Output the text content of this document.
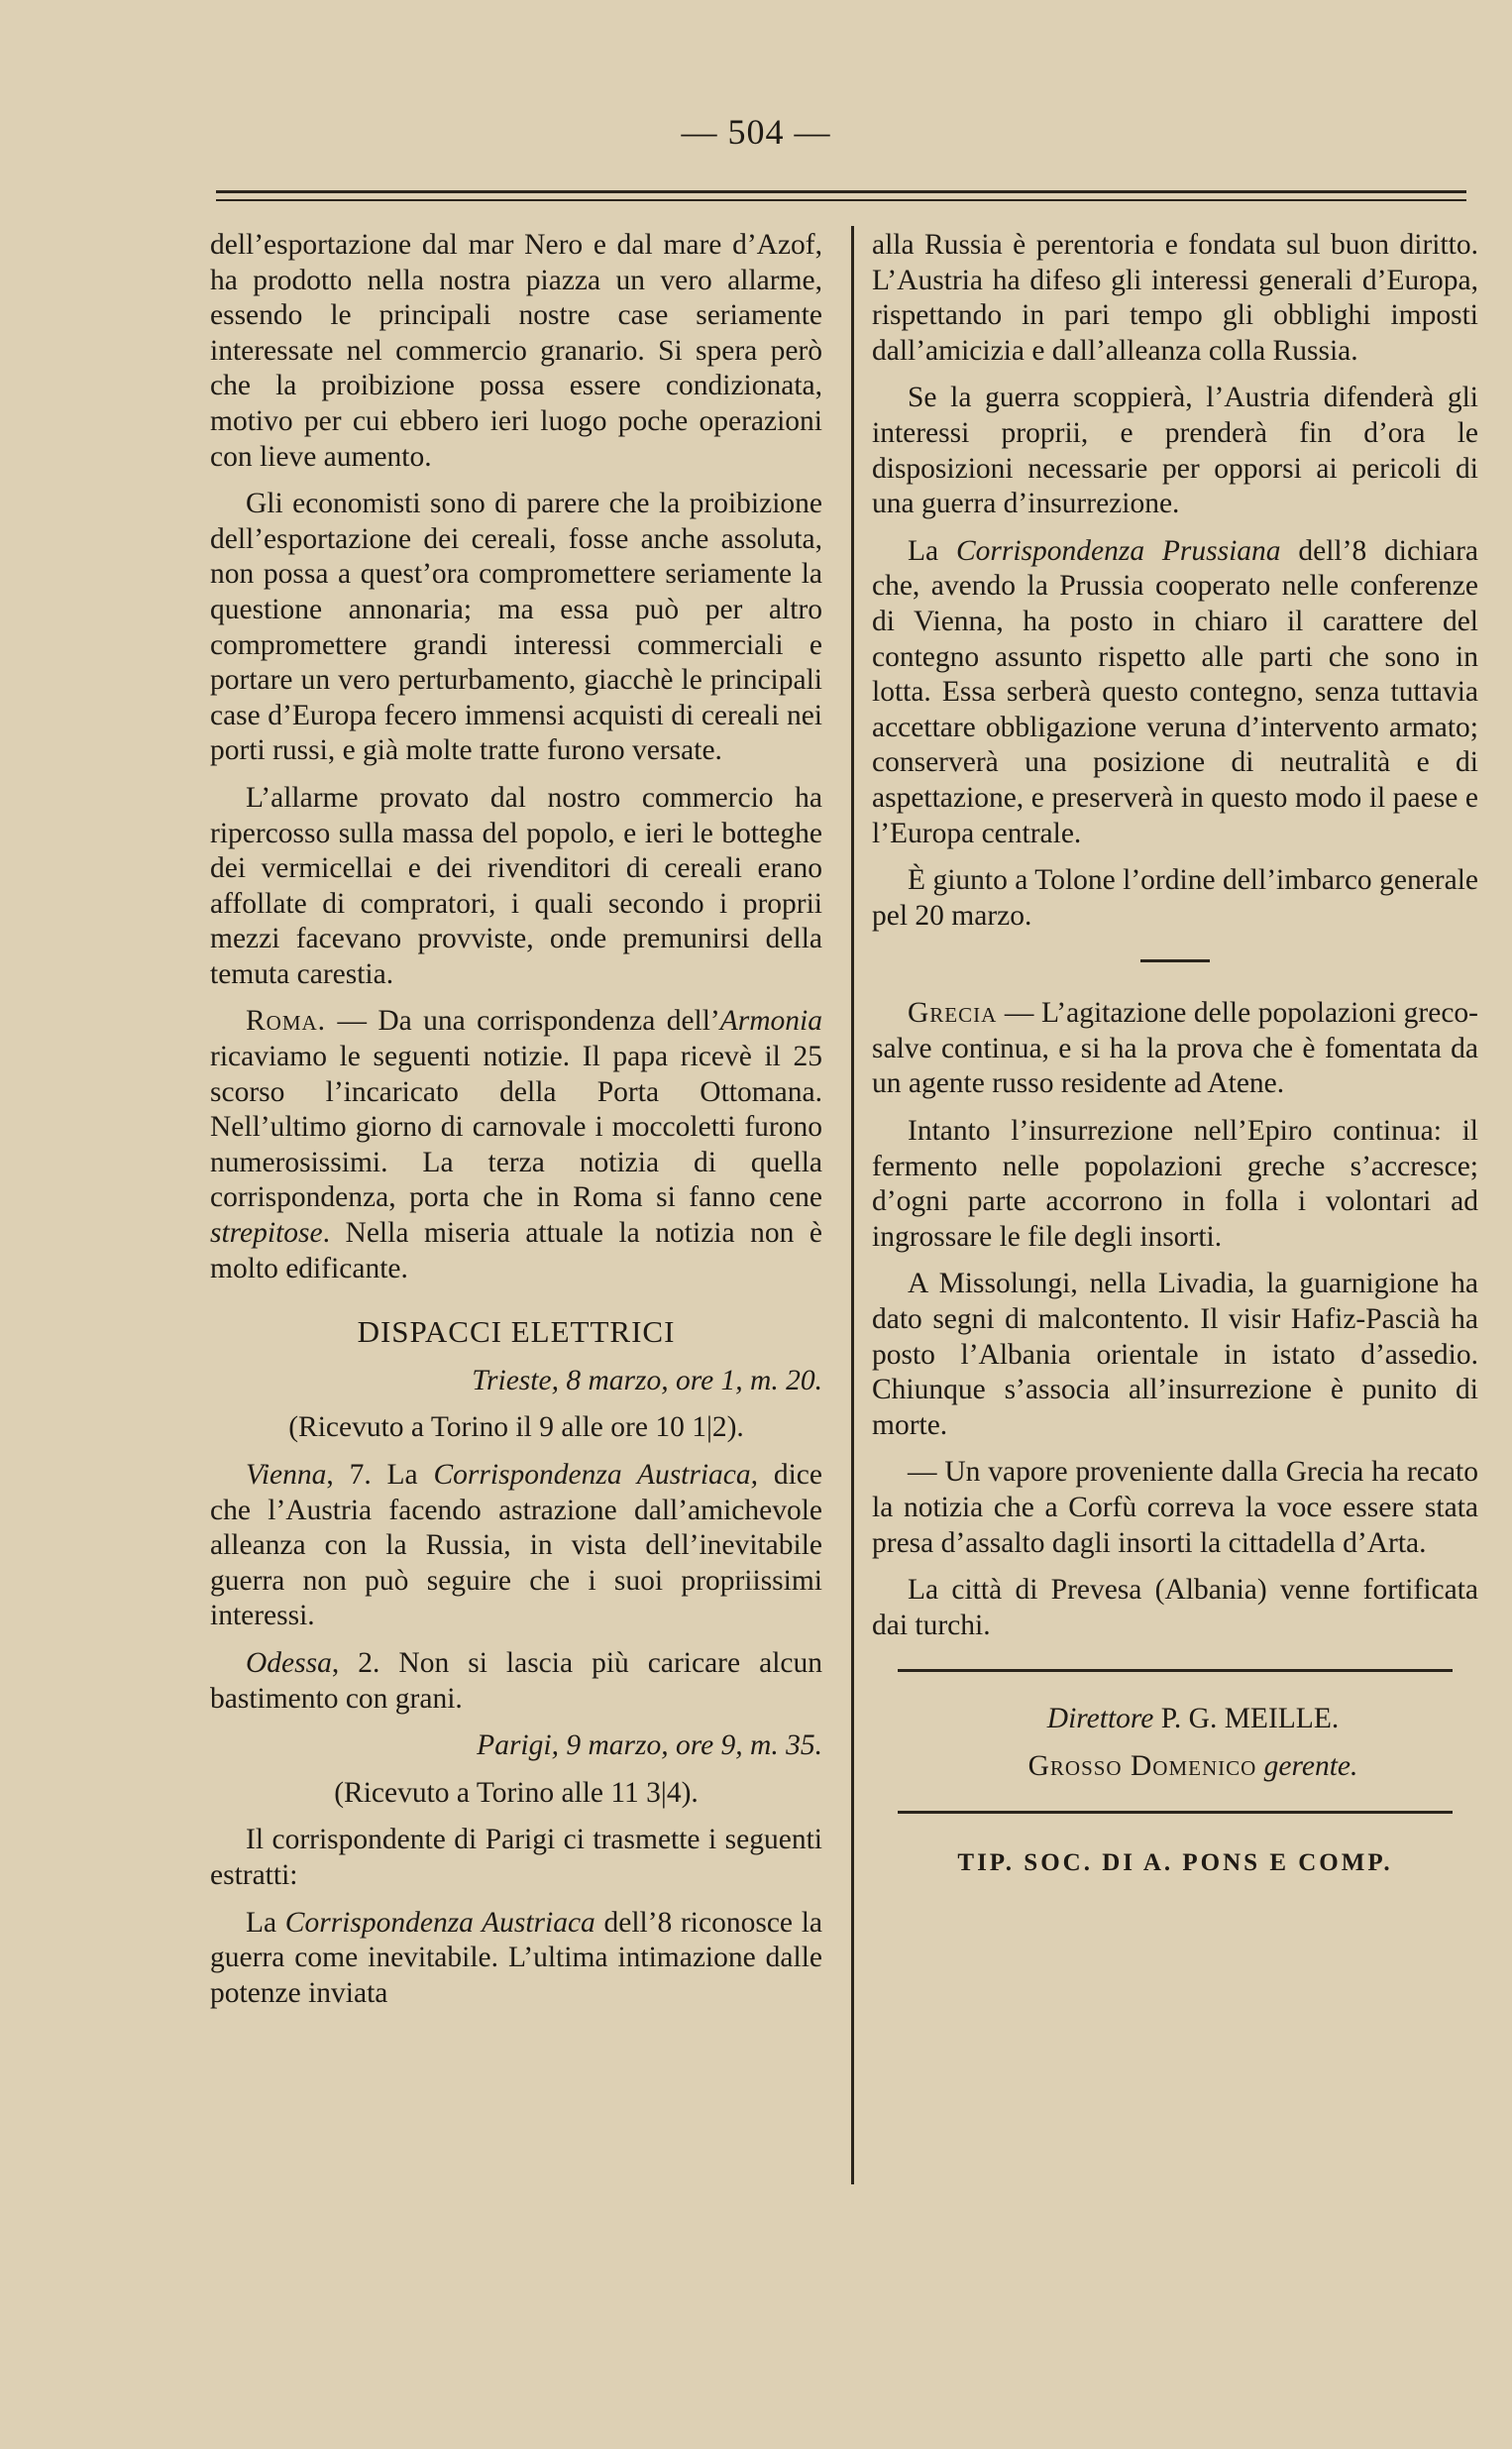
— 504 —

dell’esportazione dal mar Nero e dal mare d’Azof, ha prodotto nella nostra piazza un vero allarme, essendo le principali nostre case seriamente interessate nel commercio granario. Si spera però che la proibizione possa essere condizionata, motivo per cui ebbero ieri luogo poche operazioni con lieve aumento.

Gli economisti sono di parere che la proibizione dell’esportazione dei cereali, fosse anche assoluta, non possa a quest’ora compromettere seriamente la questione annonaria; ma essa può per altro compromettere grandi interessi commerciali e portare un vero perturbamento, giacchè le principali case d’Europa fecero immensi acquisti di cereali nei porti russi, e già molte tratte furono versate.

L’allarme provato dal nostro commercio ha ripercosso sulla massa del popolo, e ieri le botteghe dei vermicellai e dei rivenditori di cereali erano affollate di compratori, i quali secondo i proprii mezzi facevano provviste, onde premunirsi della temuta carestia.

Roma. — Da una corrispondenza dell’Armonia ricaviamo le seguenti notizie. Il papa ricevè il 25 scorso l’incaricato della Porta Ottomana. Nell’ultimo giorno di carnovale i moccoletti furono numerosissimi. La terza notizia di quella corrispondenza, porta che in Roma si fanno cene strepitose. Nella miseria attuale la notizia non è molto edificante.

DISPACCI ELETTRICI

Trieste, 8 marzo, ore 1, m. 20.

(Ricevuto a Torino il 9 alle ore 10 1|2).

Vienna, 7. La Corrispondenza Austriaca, dice che l’Austria facendo astrazione dall’amichevole alleanza con la Russia, in vista dell’inevitabile guerra non può seguire che i suoi propriissimi interessi.

Odessa, 2. Non si lascia più caricare alcun bastimento con grani.

Parigi, 9 marzo, ore 9, m. 35.

(Ricevuto a Torino alle 11 3|4).

Il corrispondente di Parigi ci trasmette i seguenti estratti:

La Corrispondenza Austriaca dell’8 riconosce la guerra come inevitabile. L’ultima intimazione dalle potenze inviata

alla Russia è perentoria e fondata sul buon diritto. L’Austria ha difeso gli interessi generali d’Europa, rispettando in pari tempo gli obblighi imposti dall’amicizia e dall’alleanza colla Russia.

Se la guerra scoppierà, l’Austria difenderà gli interessi proprii, e prenderà fin d’ora le disposizioni necessarie per opporsi ai pericoli di una guerra d’insurrezione.

La Corrispondenza Prussiana dell’8 dichiara che, avendo la Prussia cooperato nelle conferenze di Vienna, ha posto in chiaro il carattere del contegno assunto rispetto alle parti che sono in lotta. Essa serberà questo contegno, senza tuttavia accettare obbligazione veruna d’intervento armato; conserverà una posizione di neutralità e di aspettazione, e preserverà in questo modo il paese e l’Europa centrale.

È giunto a Tolone l’ordine dell’imbarco generale pel 20 marzo.

Grecia — L’agitazione delle popolazioni greco-salve continua, e si ha la prova che è fomentata da un agente russo residente ad Atene.

Intanto l’insurrezione nell’Epiro continua: il fermento nelle popolazioni greche s’accresce; d’ogni parte accorrono in folla i volontari ad ingrossare le file degli insorti.

A Missolungi, nella Livadia, la guarnigione ha dato segni di malcontento. Il visir Hafiz-Pascià ha posto l’Albania orientale in istato d’assedio. Chiunque s’associa all’insurrezione è punito di morte.

— Un vapore proveniente dalla Grecia ha recato la notizia che a Corfù correva la voce essere stata presa d’assalto dagli insorti la cittadella d’Arta.

La città di Prevesa (Albania) venne fortificata dai turchi.

Direttore P. G. MEILLE.

Grosso Domenico gerente.

TIP. SOC. DI A. PONS E COMP.
